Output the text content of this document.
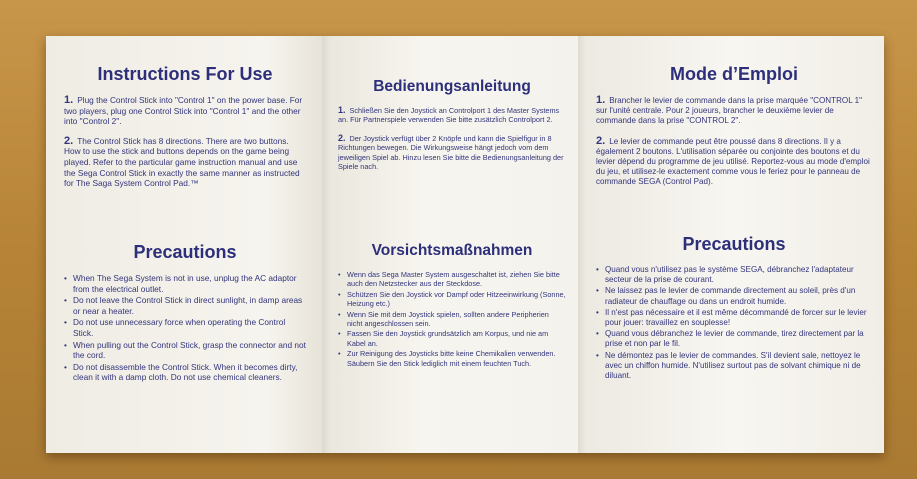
Instructions For Use
1. Plug the Control Stick into "Control 1" on the power base. For two players, plug one Control Stick into "Control 1" and the other into "Control 2".
2. The Control Stick has 8 directions. There are two buttons. How to use the stick and buttons depends on the game being played. Refer to the particular game instruction manual and use the Sega Control Stick in exactly the same manner as instructed for The Saga System Control Pad.™
Precautions
• When The Sega System is not in use, unplug the AC adaptor from the electrical outlet.
• Do not leave the Control Stick in direct sunlight, in damp areas or near a heater.
• Do not use unnecessary force when operating the Control Stick.
• When pulling out the Control Stick, grasp the connector and not the cord.
• Do not disassemble the Control Stick. When it becomes dirty, clean it with a damp cloth. Do not use chemical cleaners.
Bedienungsanleitung
1. Schließen Sie den Joystick an Controlport 1 des Master Systems an. Für Partnerspiele verwenden Sie bitte zusätzlich Controlport 2.
2. Der Joystick verfügt über 2 Knöpfe und kann die Spielfigur in 8 Richtungen bewegen. Die Wirkungsweise hängt jedoch vom dem jeweiligen Spiel ab. Hinzu lesen Sie bitte die Bedienungsanleitung der Spiele nach.
Vorsichtsmaßnahmen
• Wenn das Sega Master System ausgeschaltet ist, ziehen Sie bitte auch den Netzstecker aus der Steckdose.
• Schützen Sie den Joystick vor Dampf oder Hitzeeinwirkung (Sonne, Heizung etc.)
• Wenn Sie mit dem Joystick spielen, sollten andere Peripherien nicht angeschlossen sein.
• Fassen Sie den Joystick grundsätzlich am Korpus, und nie am Kabel an.
• Zur Reinigung des Joysticks bitte keine Chemikalien verwenden. Säubern Sie den Stick lediglich mit einem feuchten Tuch.
Mode d’Emploi
1. Brancher le levier de commande dans la prise marquée "CONTROL 1" sur l'unité centrale. Pour 2 joueurs, brancher le deuxième levier de commande dans la prise "CONTROL 2".
2. Le levier de commande peut être poussé dans 8 directions. Il y a également 2 boutons. L'utilisation séparée ou conjointe des boutons et du levier dépend du programme de jeu utilisé. Reportez-vous au mode d'emploi du jeu, et utilisez-le exactement comme vous le feriez pour le panneau de commande SEGA (Control Pad).
Precautions
• Quand vous n'utilisez pas le système SEGA, débranchez l'adaptateur secteur de la prise de courant.
• Ne laissez pas le levier de commande directement au soleil, près d'un radiateur de chauffage ou dans un endroit humide.
• Il n'est pas nécessaire et il est même décommandé de forcer sur le levier pour jouer: travaillez en souplesse!
• Quand vous débranchez le levier de commande, tirez directement par la prise et non par le fil.
• Ne démontez pas le levier de commandes. S'il devient sale, nettoyez le avec un chiffon humide. N'utilisez surtout pas de solvant chimique ni de diluant.
